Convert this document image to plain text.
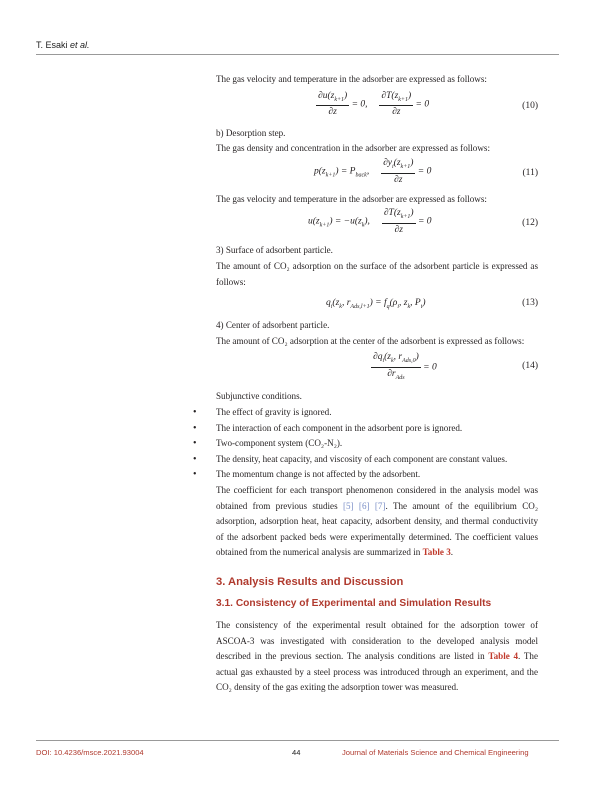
T. Esaki et al.

The gas velocity and temperature in the adsorber are expressed as follows:

$\frac{\partial u(z_{k+1})}{\partial z} = 0$, $\frac{\partial T(z_{k+1})}{\partial z} = 0$	(10)

b) Desorption step.

The gas density and concentration in the adsorber are expressed as follows:

$p(z_{k+1}) = P_{back}$, $\frac{\partial y_i(z_{k+1})}{\partial z} = 0$	(11)

The gas velocity and temperature in the adsorber are expressed as follows:

$u(z_{k+1}) = -u(z_k)$, $\frac{\partial T(z_{k+1})}{\partial z} = 0$	(12)

3) Surface of adsorbent particle.

The amount of CO₂ adsorption on the surface of the adsorbent particle is expressed as follows:

$q_i(z_k$, $r_{Ads,l+1}) = f_q(\rho_i$, $z_k$, $P_t$)	(13)

4) Center of adsorbent particle.

The amount of CO₂ adsorption at the center of the adsorbent is expressed as follows:

$\frac{\partial q_i(z_k, r_{Ads,0})}{\partial r_{Ads}} = 0$	(14)

Subjunctive conditions.

• The effect of gravity is ignored.
• The interaction of each component in the adsorbent pore is ignored.
• Two-component system (CO₂-N₂).
• The density, heat capacity, and viscosity of each component are constant values.
• The momentum change is not affected by the adsorbent.

The coefficient for each transport phenomenon considered in the analysis model was obtained from previous studies [5] [6] [7]. The amount of the equilibrium CO₂ adsorption, adsorption heat, heat capacity, adsorbent density, and thermal conductivity of the adsorbent packed beds were experimentally determined. The coefficient values obtained from the numerical analysis are summarized in Table 3.

3. Analysis Results and Discussion
3.1. Consistency of Experimental and Simulation Results

The consistency of the experimental result obtained for the adsorption tower of ASCOA-3 was investigated with consideration to the developed analysis model described in the previous section. The analysis conditions are listed in Table 4. The actual gas exhausted by a steel process was introduced through an experiment, and the CO₂ density of the gas exiting the adsorption tower was measured.

DOI: 10.4236/msce.2021.93004	44	Journal of Materials Science and Chemical Engineering
